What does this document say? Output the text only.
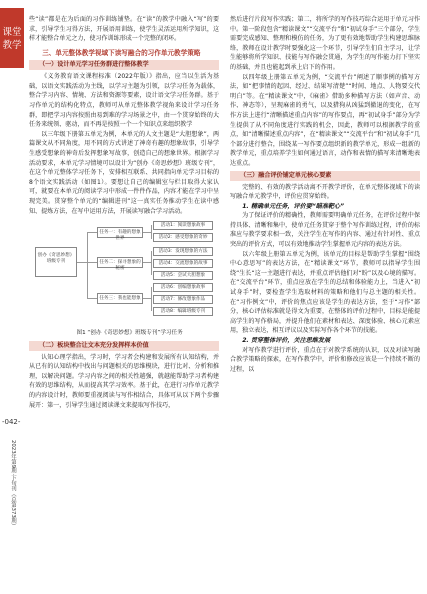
课堂
教学
-042-
2023年第9期·下旬刊（总第373期）

些“读”都是在为后面的习作训练铺垫。在“读”的教学中融入“写”的要求，引导学生习得方法，开展语用训练，使学生灵活运用所学知识，这样才能整合单元之力，使习作训练形成一个完整的闭环。

三、单元整体教学视域下读写融合的习作单元教学策略
（一）设计单元学习任务群进行整体教学

《义务教育语文课程标准（2022年版）》指出，应当以生活为基础，以语文实践活动为主线，以学习主题为引领，以学习任务为载体，整合学习内容、情境、方法和资源等要素，设计语文学习任务群。基于习作单元的结构化特点，教师可从单元整体教学视角来设计学习任务群，即把学习内容按照由易到难的学习场景之中，由一个贯穿始终的大任务来统领、驱动，而不再是按照一个一个知识点来组织教学

以三年级下册第五单元为例，本单元的人文主题是“大胆想象”，两篇课文从不同角度，用不同的方式讲述了神奇有趣的想象故事，引导学生感受想象的神奇后发挥想象写故事，创造自己的想象世界。根据学习活动要求，本单元学习情境可以设计为“创办《奇思妙想》班级专刊”，在这个单元整体学习任务下，安排相互联系、共同指向单元学习目标的8个语文实践活动（如图1）。要想让自己的编辑室与栏目取得大家认可，就要在本单元的阅读学习中形成一件件作品，内容才能在学习中呈现完美。贯穿整个单元的“编辑进刊”这一真实任务推动学生在读中感知、提炼方法，在写中运用方法，开展读写融合学习活动。

创办《奇思妙想》班级专刊
任务一：有趣的想象世界
任务二：探寻想象的秘密
任务三：我也能想象
活动1：阅读想象故事
活动2：感受想象的奇妙
活动3：发现想象的方法
活动4：交流想象的故事
活动5：尝试大胆想象
活动6：创编想象故事
活动7：修改想象作品
活动8：编辑班级专刊

图1 “创办《奇思妙想》班级专刊”学习任务

（二）板块整合让文本充分发挥样本价值

认知心理学指出，学习时，学习者会构建和发展所有认知结构，并从已有的认知结构中找出与问题相关的思维模块，进行比对、分析和推理，以解决问题。学习内容之间的相关性越强，就越能帮助学习者构建有效的思维结构，从而提高其学习效率。基于此，在进行习作单元教学的内容设计时，教师要重视阅读与写作相结合，具体可从以下两个步骤展开：第一，引导学生通过阅读课文来提取写作技巧，

然后进行片段写作实践；第二，将所学的写作技巧综合运用于单元习作中。第一阶段包含“精读课文”“交流平台”和“初试身手”三个部分，学生需要完成感知、整理和模仿的任务，为了更有效地帮助学生构建思维脉络，教师在设计教学时要强化这一个环节，引导学生们自主学习，让学生能够将所学知识、技能与写作融会贯通，为学生的写作能力打下坚实的基础，并且也能起到承上启下的作用。

以四年级上册第五单元为例，“交流平台”阐述了顺事例的描写方法，如“把事情的起因、经过、结果写清楚”“时间、地点、人物要交代明白”等。在“精读课文”中，《麻雀》借助多种描写方法（如声音、动作、神态等），呈现麻雀的勇气，以及猎狗从凶猛到撤退的变化，在写作方法上进行“清晰描述重点内容”的写作要点，再“初试身手”部分为学生提供了从不同角度进行实践的机会，因此，教师可以根据教学的重点，如“清晰描述重点内容”，在“精读课文”“交流平台”和“初试身手”几个部分进行整合，围绕某一写作要点组织新的教学单元，形成一组新的教学单元，重点培养学生如何通过语言，动作和表情的描写来清晰地表达重点。

（三）融合评价铺定单元核心要素

完整的、有效的教学活动离不开教学评价，在单元整体视域下的读写融合单元教学中，评价应贯穿始终。

1. 精确单元任务，评价要“瞄准靶心”

为了保证评价的精确性，教师需要明确单元任务，在评价过程中保持具体、清晰和集中，使单元任务贯穿于整个写作训练过程，评价的标准应与教学要求相一致，关注学生在写作的内容、通过有针对性、重点突出的评价方式，可以有效地推动学生掌握单元内容的表达方法。

以六年级上册第五单元为例，该单元的目标是帮助学生掌握“围绕中心意思写”的表达方法，在“精读课文”环节，教师可以指导学生围绕“生长“这一主题进行表达，并重点评估他们对“盼”以及心境的描写。在“交流平台”环节，重点应放在学生的总结和体验能力上，当进入“初试身手”时，要检查学生选取材料的策略和他们与总主题的相关性。在“习作例文”中，评价的焦点应该是学生的表达方法，至于“习作”部分，核心评估标准就是得文为重要，在整体的评价过程中，目标是能提高学生的写作格局，并提升他们在素材和表达、深度体验、核心元素应用，独立表达，相互评议以及实际写作各个环节的技能。

2. 贯穿整体评价，关注思维发展

对写作教学进行评价，重点在于对教学系统的认识，以及对读写融合教学策略的探索，在写作教学中，评价和修改应该是一个持续不断的过程，以
